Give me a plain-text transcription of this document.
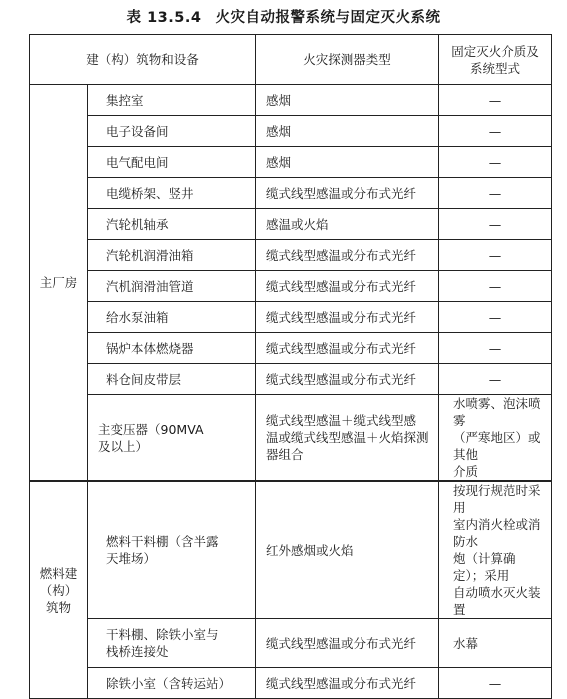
表 13.5.4 火灾自动报警系统与固定灭火系统
建（构）筑物和设备		火灾探测器类型	固定灭火介质及
系统型式

主厂房	集控室	感烟	—
	电子设备间	感烟	—
	电气配电间	感烟	—
	电缆桥架、竖井	缆式线型感温或分布式光纤	—
	汽轮机轴承	感温或火焰	—
	汽轮机润滑油箱	缆式线型感温或分布式光纤	—
	汽机润滑油管道	缆式线型感温或分布式光纤	—
	给水泵油箱	缆式线型感温或分布式光纤	—
	锅炉本体燃烧器	缆式线型感温或分布式光纤	—
	料仓间皮带层	缆式线型感温或分布式光纤	—

	主变压器（90MVA
及以上）	缆式线型感温＋缆式线型感
温或缆式线型感温＋火焰探测
器组合	水喷雾、泡沫喷雾
（严寒地区）或其他
介质

燃料建
（构）
筑物	燃料干料棚（含半露
天堆场）	红外感烟或火焰	按现行规范时采用
室内消火栓或消防水
炮（计算确定）；采用
自动喷水灭火装置

	干料棚、除铁小室与
栈桥连接处	缆式线型感温或分布式光纤	水幕
	除铁小室（含转运站）	缆式线型感温或分布式光纤	—
